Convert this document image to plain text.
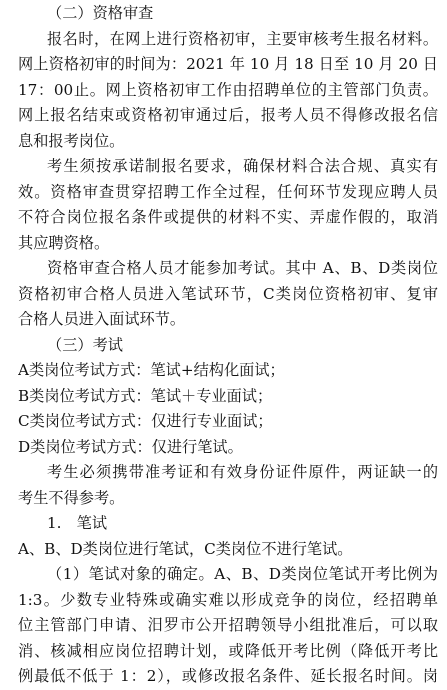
（二）资格审查
报名时，在网上进行资格初审，主要审核考生报名材料。
网上资格初审的时间为：2021 年 10 月 18 日至 10 月 20 日
17：00止。网上资格初审工作由招聘单位的主管部门负责。
网上报名结束或资格初审通过后，报考人员不得修改报名信
息和报考岗位。
考生须按承诺制报名要求，确保材料合法合规、真实有
效。资格审查贯穿招聘工作全过程，任何环节发现应聘人员
不符合岗位报名条件或提供的材料不实、弄虚作假的，取消
其应聘资格。
资格审查合格人员才能参加考试。其中 A、B、D类岗位
资格初审合格人员进入笔试环节，C类岗位资格初审、复审
合格人员进入面试环节。
（三）考试
A类岗位考试方式：笔试+结构化面试；
B类岗位考试方式：笔试＋专业面试；
C类岗位考试方式：仅进行专业面试；
D类岗位考试方式：仅进行笔试。
考生必须携带准考证和有效身份证件原件，两证缺一的
考生不得参考。
1.　笔试
A、B、D类岗位进行笔试，C类岗位不进行笔试。
（1）笔试对象的确定。A、B、D类岗位笔试开考比例为
1:3。少数专业特殊或确实难以形成竞争的岗位，经招聘单
位主管部门申请、汨罗市公开招聘领导小组批准后，可以取
消、核减相应岗位招聘计划，或降低开考比例（降低开考比
例最低不低于 1：2），或修改报名条件、延长报名时间。岗
